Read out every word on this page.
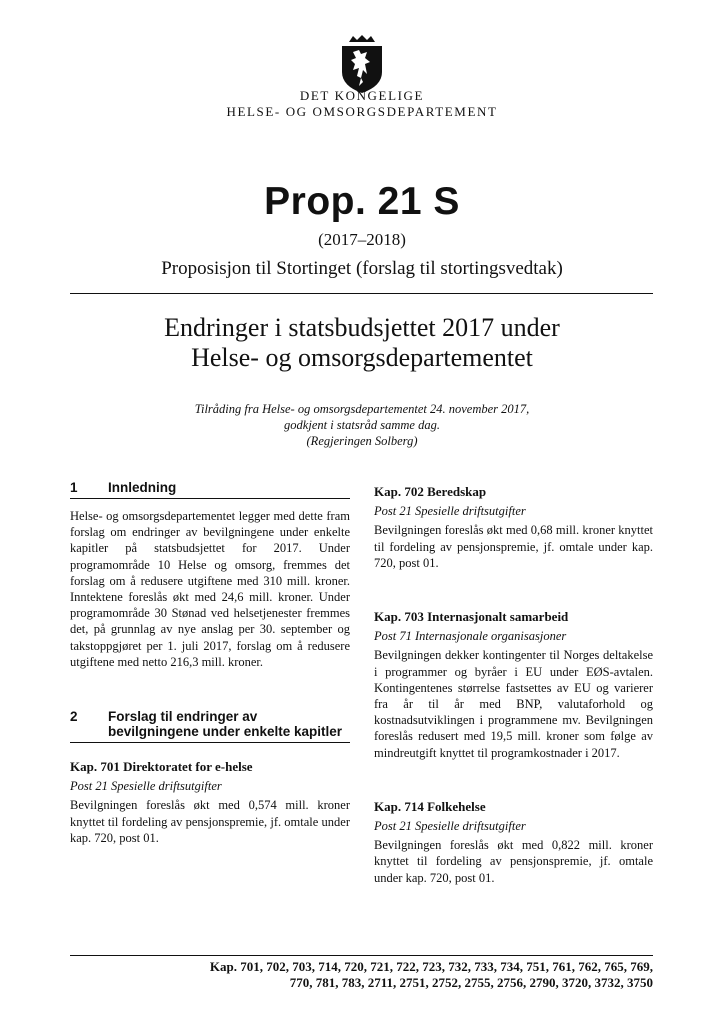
DET KONGELIGE
HELSE- OG OMSORGSDEPARTEMENT
Prop. 21 S
(2017–2018)
Proposisjon til Stortinget (forslag til stortingsvedtak)
Endringer i statsbudsjettet 2017 under
Helse- og omsorgsdepartementet
Tilråding fra Helse- og omsorgsdepartementet 24. november 2017,
godkjent i statsråd samme dag.
(Regjeringen Solberg)
1	Innledning
Helse- og omsorgsdepartementet legger med dette fram forslag om endringer av bevilgningene under enkelte kapitler på statsbudsjettet for 2017. Under programområde 10 Helse og omsorg, fremmes det forslag om å redusere utgiftene med 310 mill. kroner. Inntektene foreslås økt med 24,6 mill. kroner. Under programområde 30 Stønad ved helsetjenester fremmes det, på grunnlag av nye anslag per 30. september og takstoppgjøret per 1. juli 2017, forslag om å redusere utgiftene med netto 216,3 mill. kroner.
2	Forslag til endringer av bevilgningene under enkelte kapitler
Kap. 701 Direktoratet for e-helse
Post 21 Spesielle driftsutgifter
Bevilgningen foreslås økt med 0,574 mill. kroner knyttet til fordeling av pensjonspremie, jf. omtale under kap. 720, post 01.
Kap. 702 Beredskap
Post 21 Spesielle driftsutgifter
Bevilgningen foreslås økt med 0,68 mill. kroner knyttet til fordeling av pensjonspremie, jf. omtale under kap. 720, post 01.
Kap. 703 Internasjonalt samarbeid
Post 71 Internasjonale organisasjoner
Bevilgningen dekker kontingenter til Norges deltakelse i programmer og byråer i EU under EØS-avtalen. Kontingentenes størrelse fastsettes av EU og varierer fra år til år med BNP, valutaforhold og kostnadsutviklingen i programmene mv. Bevilgningen foreslås redusert med 19,5 mill. kroner som følge av mindreutgift knyttet til programkostnader i 2017.
Kap. 714 Folkehelse
Post 21 Spesielle driftsutgifter
Bevilgningen foreslås økt med 0,822 mill. kroner knyttet til fordeling av pensjonspremie, jf. omtale under kap. 720, post 01.
Kap. 701, 702, 703, 714, 720, 721, 722, 723, 732, 733, 734, 751, 761, 762, 765, 769,
770, 781, 783, 2711, 2751, 2752, 2755, 2756, 2790, 3720, 3732, 3750
